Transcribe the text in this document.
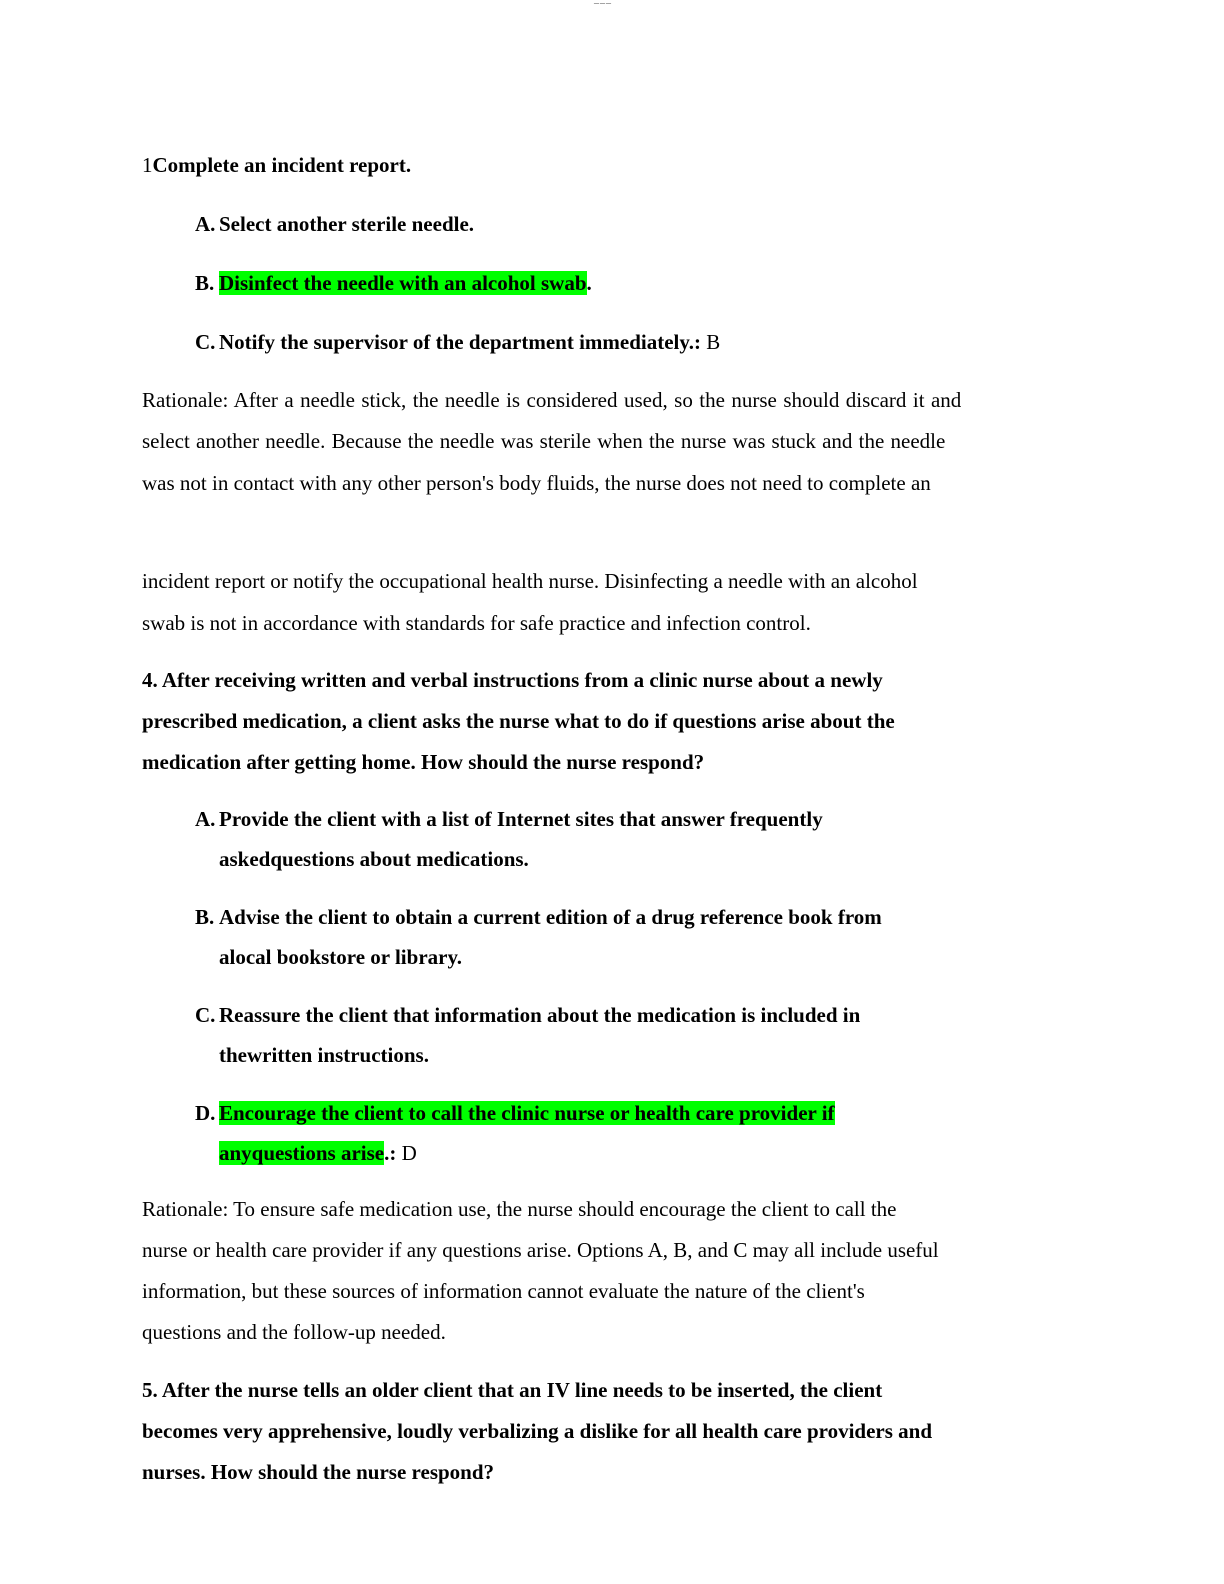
1Complete an incident report.
A. Select another sterile needle.
B. Disinfect the needle with an alcohol swab.
C. Notify the supervisor of the department immediately.: B
Rationale: After a needle stick, the needle is considered used, so the nurse should discard it and
select another needle. Because the needle was sterile when the nurse was stuck and the needle
was not in contact with any other person's body fluids, the nurse does not need to complete an
incident report or notify the occupational health nurse. Disinfecting a needle with an alcohol
swab is not in accordance with standards for safe practice and infection control.
4. After receiving written and verbal instructions from a clinic nurse about a newly
prescribed medication, a client asks the nurse what to do if questions arise about the
medication after getting home. How should the nurse respond?
A. Provide the client with a list of Internet sites that answer frequently
askedquestions about medications.
B. Advise the client to obtain a current edition of a drug reference book from
alocal bookstore or library.
C. Reassure the client that information about the medication is included in
thewritten instructions.
D. Encourage the client to call the clinic nurse or health care provider if
anyquestions arise.: D
Rationale: To ensure safe medication use, the nurse should encourage the client to call the
nurse or health care provider if any questions arise. Options A, B, and C may all include useful
information, but these sources of information cannot evaluate the nature of the client's
questions and the follow-up needed.
5. After the nurse tells an older client that an IV line needs to be inserted, the client
becomes very apprehensive, loudly verbalizing a dislike for all health care providers and
nurses. How should the nurse respond?
